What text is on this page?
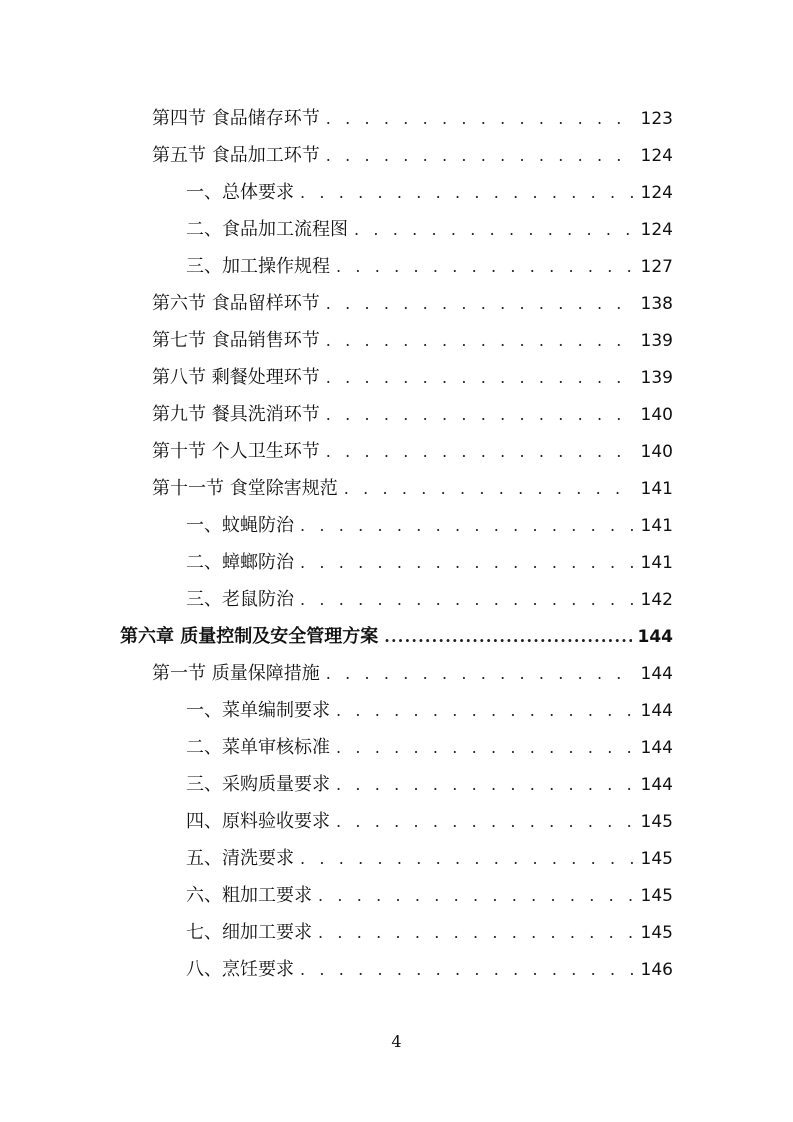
第四节 食品储存环节 . . .	123
第五节 食品加工环节 . . .	124
一、总体要求 . . .	124
二、食品加工流程图 . . .	124
三、加工操作规程 . . .	127
第六节 食品留样环节 . . .	138
第七节 食品销售环节 . . .	139
第八节 剩餐处理环节 . . .	139
第九节 餐具洗消环节 . . .	140
第十节 个人卫生环节 . . .	140
第十一节 食堂除害规范 . . .	141
一、蚊蝇防治 . . .	141
二、蟑螂防治 . . .	141
三、老鼠防治 . . .	142
第六章 质量控制及安全管理方案 .....	144
第一节 质量保障措施 . . .	144
一、菜单编制要求 . . .	144
二、菜单审核标准 . . .	144
三、采购质量要求 . . .	144
四、原料验收要求 . . .	145
五、清洗要求 . . .	145
六、粗加工要求 . . .	145
七、细加工要求 . . .	145
八、烹饪要求 . . .	146
4
